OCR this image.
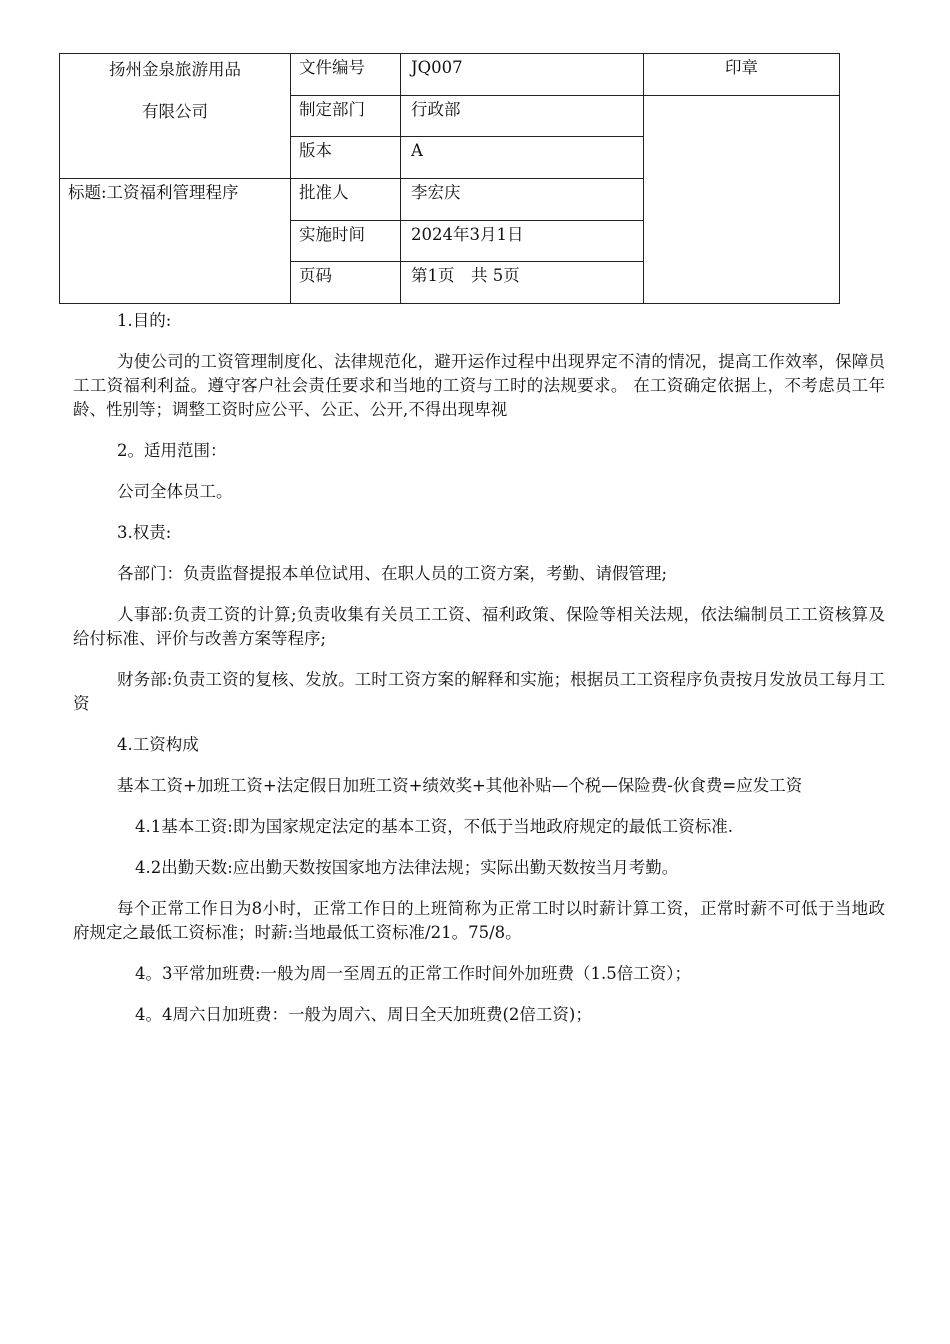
扬州金泉旅游用品
有限公司	文件编号	JQ007	印章
	制定部门	行政部	
	版本	A	
标题:工资福利管理程序	批准人	李宏庆	
	实施时间	2024年3月1日	
	页码	第1页　共 5页	

1.目的:

为使公司的工资管理制度化、法律规范化，避开运作过程中出现界定不清的情况，提高工作效率，保障员工工资福利利益。遵守客户社会责任要求和当地的工资与工时的法规要求。 在工资确定依据上，不考虑员工年龄、性别等；调整工资时应公平、公正、公开,不得出现卑视

2。适用范围：

公司全体员工。

3.权责:

各部门：负责监督提报本单位试用、在职人员的工资方案，考勤、请假管理;

人事部:负责工资的计算;负责收集有关员工工资、福利政策、保险等相关法规，依法编制员工工资核算及给付标准、评价与改善方案等程序;

财务部:负责工资的复核、发放。工时工资方案的解释和实施；根据员工工资程序负责按月发放员工每月工资

4.工资构成

基本工资+加班工资+法定假日加班工资+绩效奖+其他补贴—个税—保险费-伙食费=应发工资

4.1基本工资:即为国家规定法定的基本工资，不低于当地政府规定的最低工资标准.

4.2出勤天数:应出勤天数按国家地方法律法规；实际出勤天数按当月考勤。

每个正常工作日为8小时，正常工作日的上班简称为正常工时以时薪计算工资，正常时薪不可低于当地政府规定之最低工资标准；时薪:当地最低工资标准/21。75/8。

4。3平常加班费:一般为周一至周五的正常工作时间外加班费（1.5倍工资）；

4。4周六日加班费：一般为周六、周日全天加班费(2倍工资)；
